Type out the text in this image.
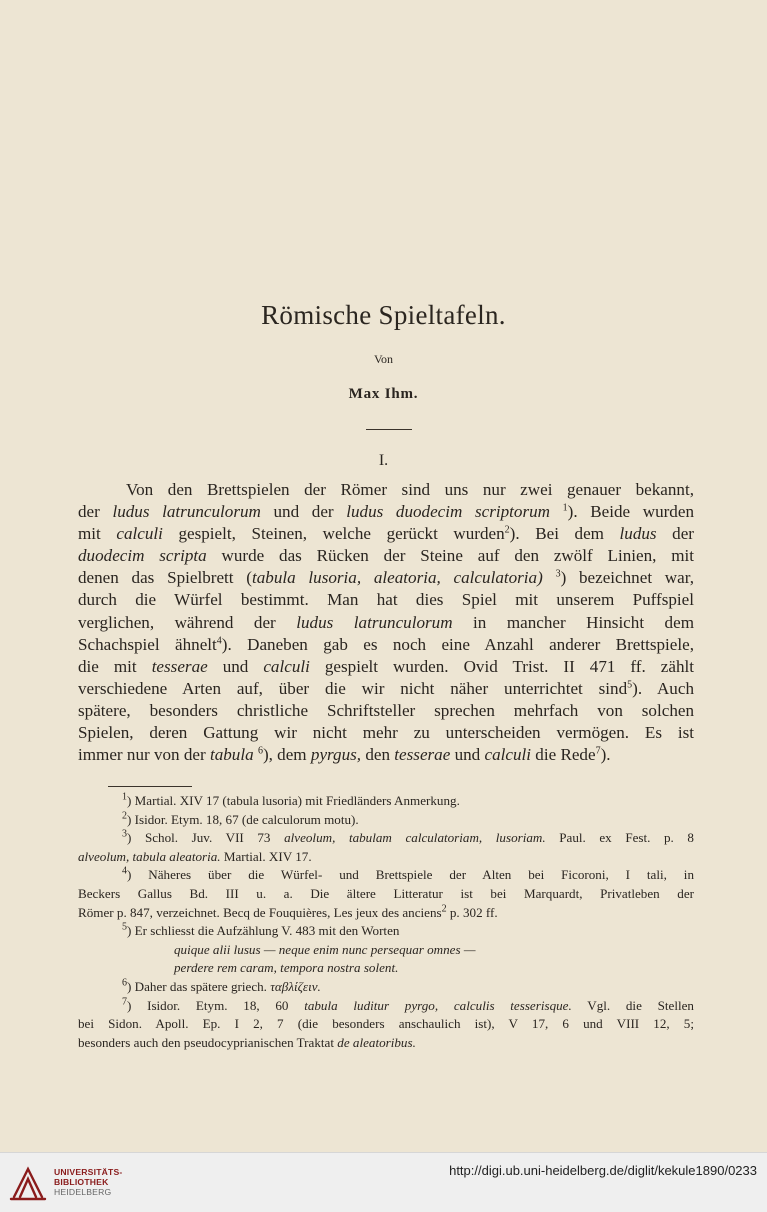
Römische Spieltafeln.
Von
Max Ihm.
I.
Von den Brettspielen der Römer sind uns nur zwei genauer bekannt,
der ludus latrunculorum und der ludus duodecim scriptorum $^1$). Beide wurden
mit calculi gespielt, Steinen, welche gerückt wurden$^2$). Bei dem ludus der
duodecim scripta wurde das Rücken der Steine auf den zwölf Linien, mit
denen das Spielbrett (tabula lusoria, aleatoria, calculatoria) $^3$) bezeichnet war,
durch die Würfel bestimmt. Man hat dies Spiel mit unserem Puffspiel
verglichen, während der ludus latrunculorum in mancher Hinsicht dem
Schachspiel ähnelt$^4$). Daneben gab es noch eine Anzahl anderer Brettspiele,
die mit tesserae und calculi gespielt wurden. Ovid Trist. II 471 ff. zählt
verschiedene Arten auf, über die wir nicht näher unterrichtet sind$^5$). Auch
spätere, besonders christliche Schriftsteller sprechen mehrfach von solchen
Spielen, deren Gattung wir nicht mehr zu unterscheiden vermögen. Es ist
immer nur von der tabula $^6$), dem pyrgus, den tesserae und calculi die Rede$^7$).
$^1$) Martial. XIV 17 (tabula lusoria) mit Friedländers Anmerkung.
$^2$) Isidor. Etym. 18, 67 (de calculorum motu).
$^3$) Schol. Juv. VII 73 alveolum, tabulam calculatoriam, lusoriam. Paul. ex Fest. p. 8
alveolum, tabula aleatoria. Martial. XIV 17.
$^4$) Näheres über die Würfel- und Brettspiele der Alten bei Ficoroni, I tali, in
Beckers Gallus Bd. III u. a. Die ältere Litteratur ist bei Marquardt, Privatleben der
Römer p. 847, verzeichnet. Becq de Fouquières, Les jeux des anciens$^2$ p. 302 ff.
$^5$) Er schliesst die Aufzählung V. 483 mit den Worten
quique alii lusus — neque enim nunc persequar omnes —
perdere rem caram, tempora nostra solent.
$^6$) Daher das spätere griech. ταβλίζειν.
$^7$) Isidor. Etym. 18, 60 tabula luditur pyrgo, calculis tesserisque. Vgl. die Stellen
bei Sidon. Apoll. Ep. I 2, 7 (die besonders anschaulich ist), V 17, 6 und VIII 12, 5;
besonders auch den pseudocyprianischen Traktat de aleatoribus.
UNIVERSITÄTS-
BIBLIOTHEK
HEIDELBERG
http://digi.ub.uni-heidelberg.de/diglit/kekule1890/0233
